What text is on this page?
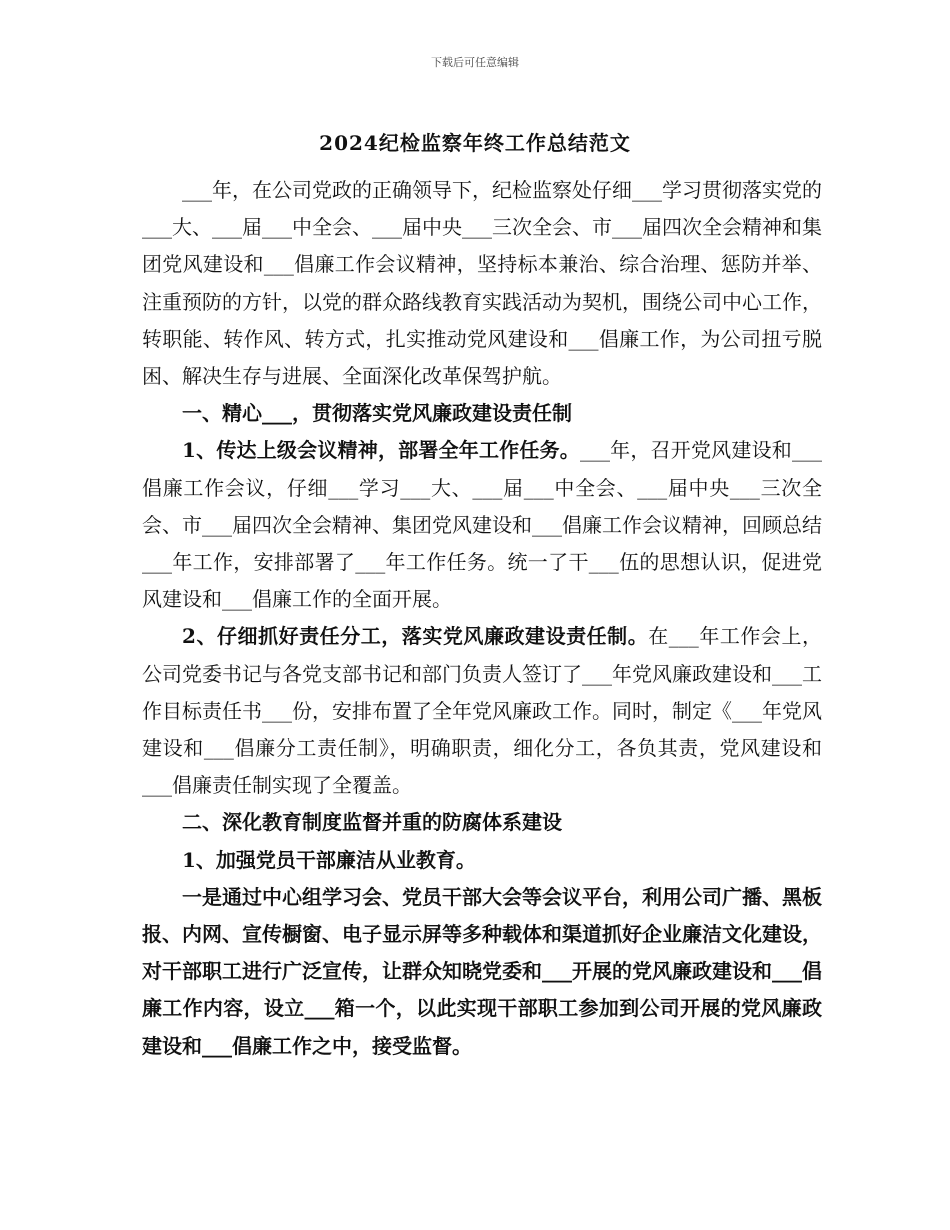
下载后可任意编辑
2024纪检监察年终工作总结范文

___年，在公司党政的正确领导下，纪检监察处仔细___学习贯彻落实党的___大、___届___中全会、___届中央___三次全会、市___届四次全会精神和集团党风建设和___倡廉工作会议精神，坚持标本兼治、综合治理、惩防并举、注重预防的方针，以党的群众路线教育实践活动为契机，围绕公司中心工作，转职能、转作风、转方式，扎实推动党风建设和___倡廉工作，为公司扭亏脱困、解决生存与进展、全面深化改革保驾护航。

一、精心___，贯彻落实党风廉政建设责任制

1、传达上级会议精神，部署全年工作任务。___年，召开党风建设和___倡廉工作会议，仔细___学习___大、___届___中全会、___届中央___三次全会、市___届四次全会精神、集团党风建设和___倡廉工作会议精神，回顾总结___年工作，安排部署了___年工作任务。统一了干___伍的思想认识，促进党风建设和___倡廉工作的全面开展。

2、仔细抓好责任分工，落实党风廉政建设责任制。在___年工作会上，公司党委书记与各党支部书记和部门负责人签订了___年党风廉政建设和___工作目标责任书___份，安排布置了全年党风廉政工作。同时，制定《___年党风建设和___倡廉分工责任制》，明确职责，细化分工，各负其责，党风建设和___倡廉责任制实现了全覆盖。

二、深化教育制度监督并重的防腐体系建设

1、加强党员干部廉洁从业教育。

一是通过中心组学习会、党员干部大会等会议平台，利用公司广播、黑板报、内网、宣传橱窗、电子显示屏等多种载体和渠道抓好企业廉洁文化建设，对干部职工进行广泛宣传，让群众知晓党委和___开展的党风廉政建设和___倡廉工作内容，设立___箱一个，以此实现干部职工参加到公司开展的党风廉政建设和___倡廉工作之中，接受监督。
